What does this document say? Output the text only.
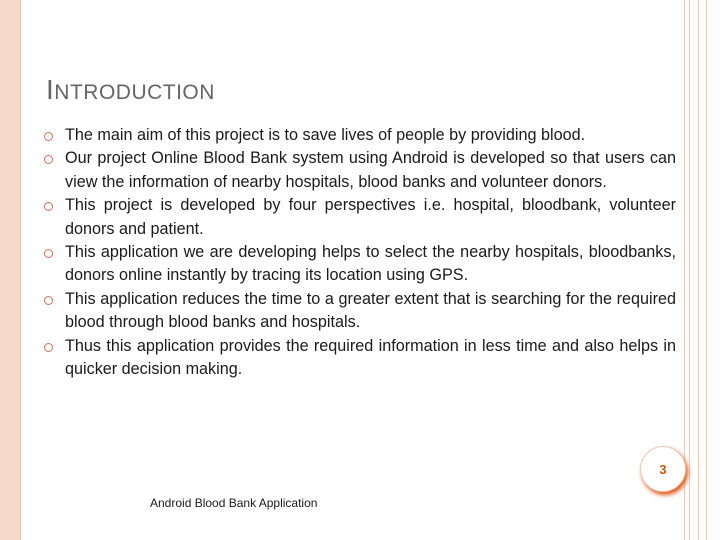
INTRODUCTION
The main aim of this project is to save lives of people by providing blood.
Our project Online Blood Bank system using Android is developed so that users can view the information of nearby hospitals, blood banks and volunteer donors.
This project is developed by four perspectives i.e. hospital, bloodbank, volunteer donors and patient.
This application we are developing helps to select the nearby hospitals, bloodbanks, donors online instantly by tracing its location using GPS.
This application reduces the time to a greater extent that is searching for the required blood through blood banks and hospitals.
Thus this application provides the required information in less time and also helps in quicker decision making.
3
Android Blood Bank Application
